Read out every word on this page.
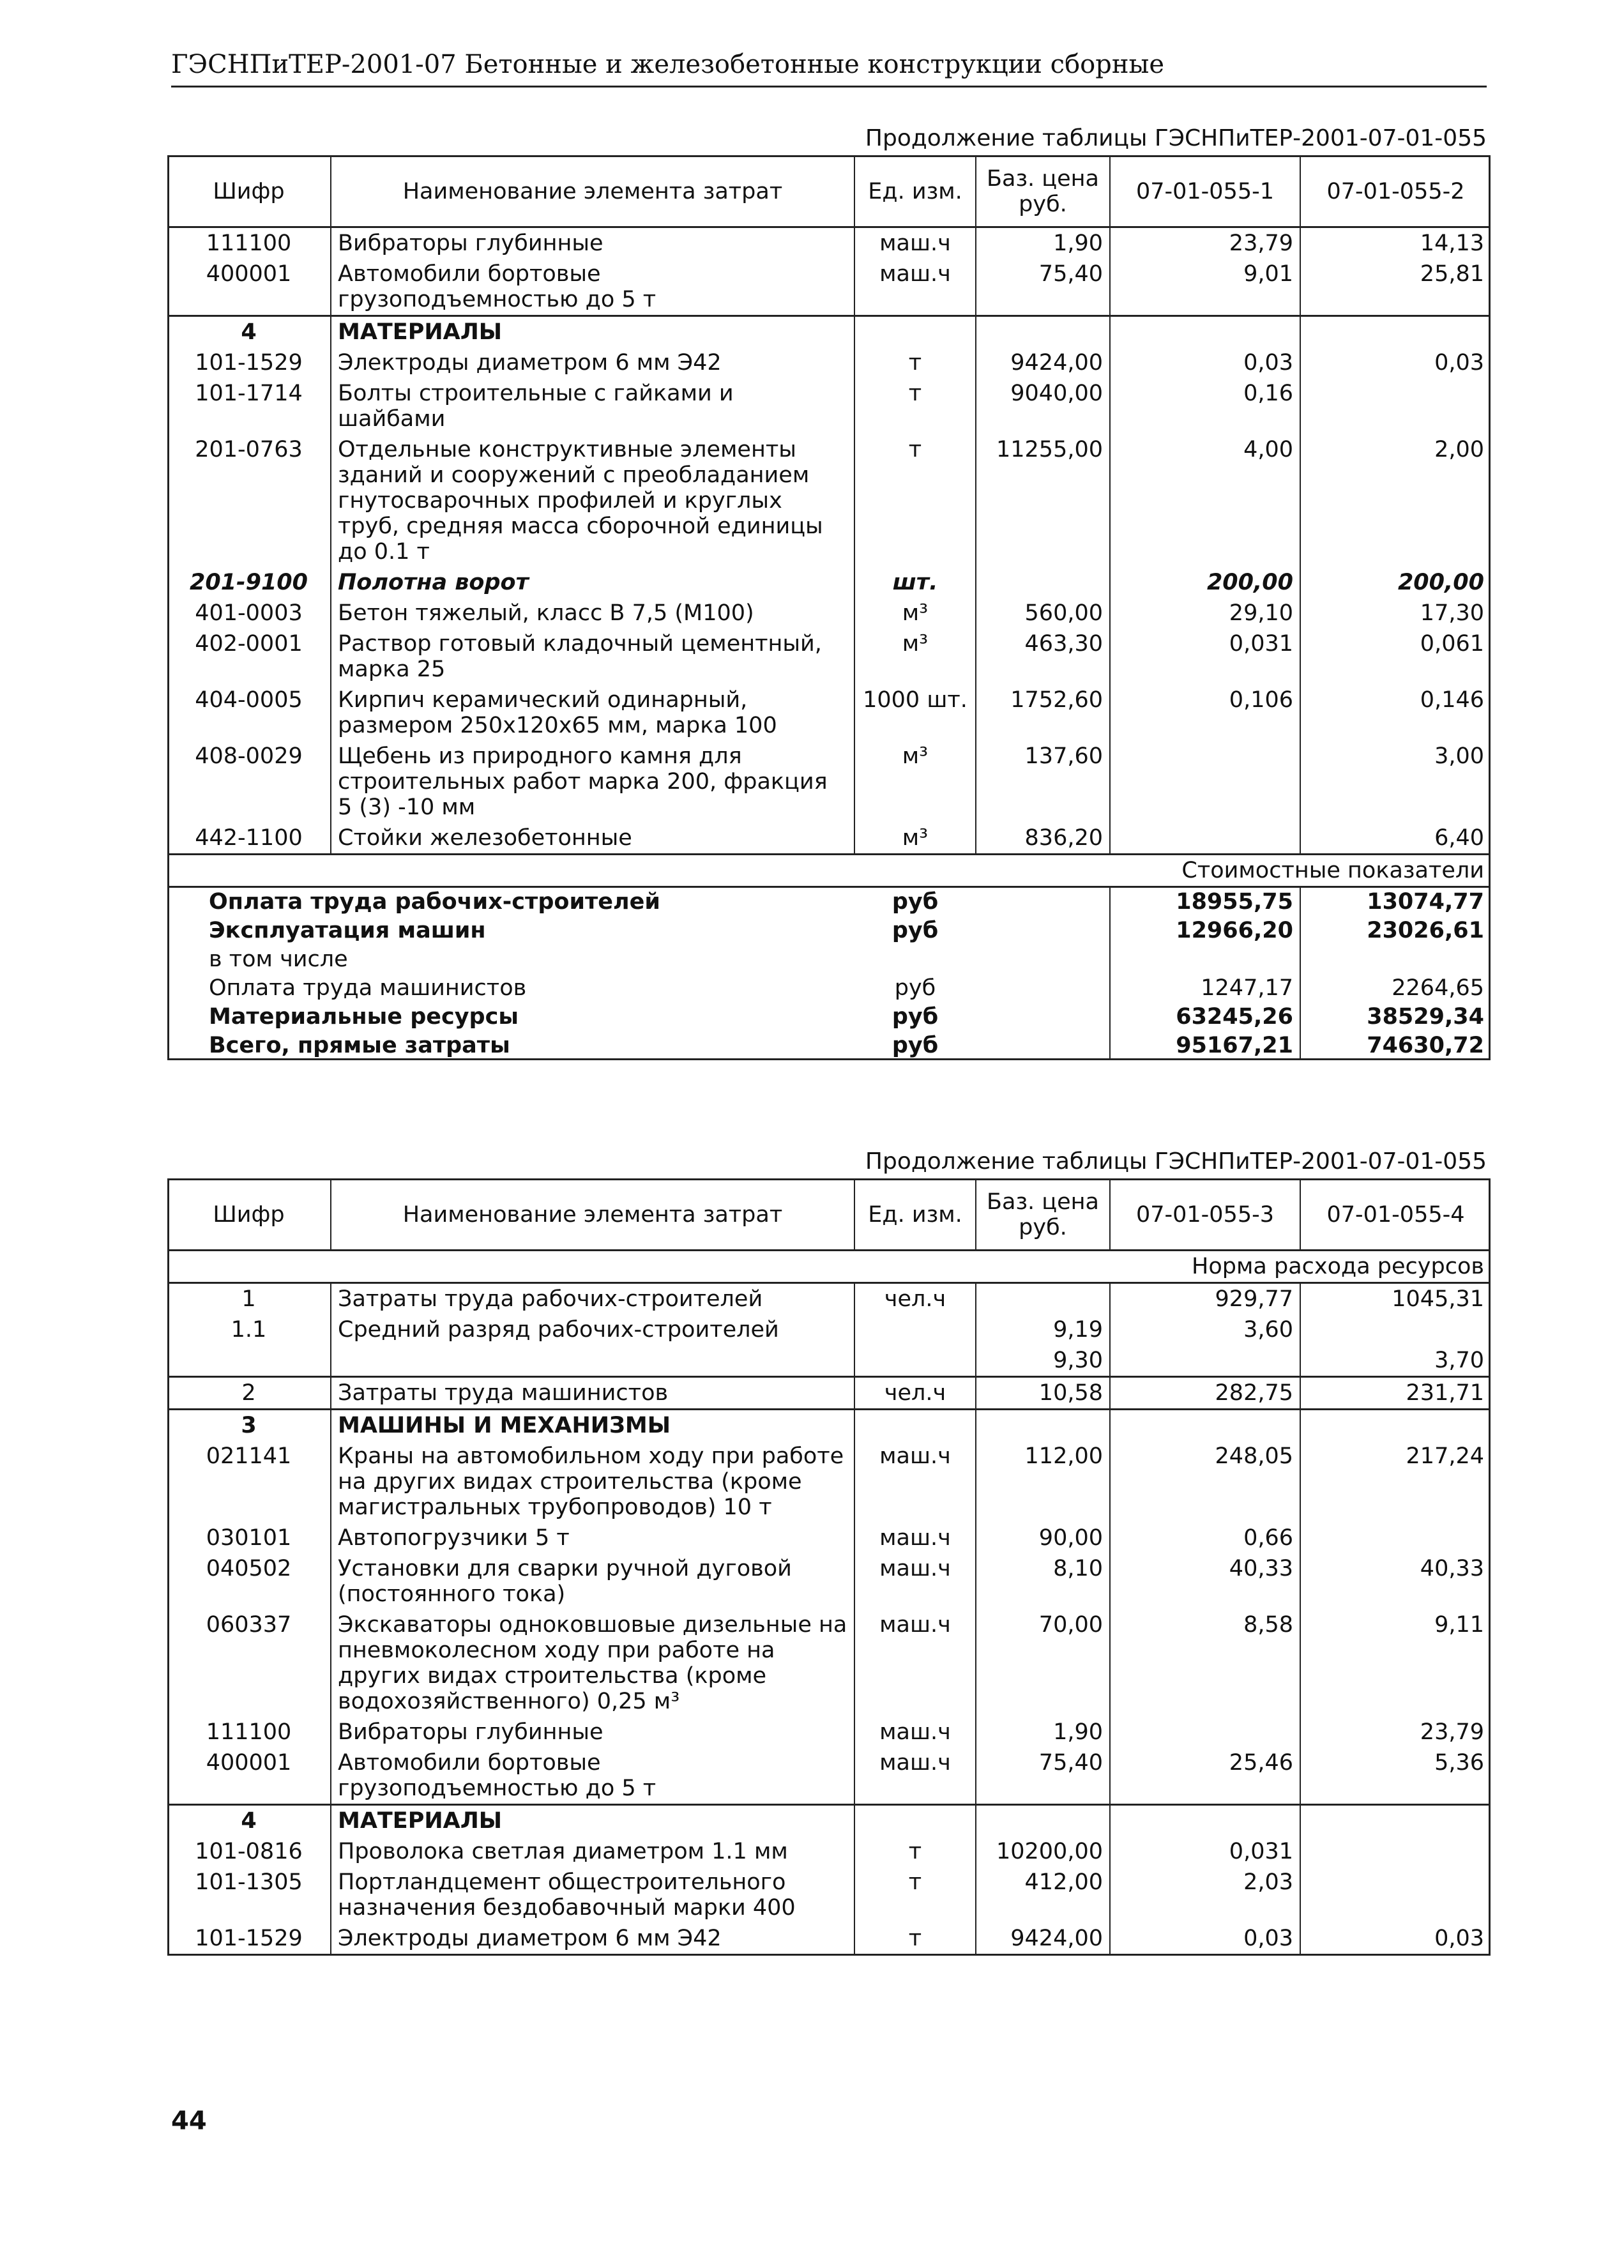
ГЭСНПиТЕР-2001-07 Бетонные и железобетонные конструкции сборные
Продолжение таблицы ГЭСНПиТЕР-2001-07-01-055
Шифр	Наименование элемента затрат	Ед. изм.	Баз. цена руб.	07-01-055-1	07-01-055-2
111100	Вибраторы глубинные	маш.ч	1,90	23,79	14,13
400001	Автомобили бортовые грузоподъемностью до 5 т	маш.ч	75,40	9,01	25,81
4	МАТЕРИАЛЫ				
101-1529	Электроды диаметром 6 мм Э42	т	9424,00	0,03	0,03
101-1714	Болты строительные с гайками и шайбами	т	9040,00	0,16	
201-0763	Отдельные конструктивные элементы зданий и сооружений с преобладанием гнутосварочных профилей и круглых труб, средняя масса сборочной единицы до 0.1 т	т	11255,00	4,00	2,00
201-9100	Полотна ворот	шт.		200,00	200,00
401-0003	Бетон тяжелый, класс В 7,5 (М100)	м³	560,00	29,10	17,30
402-0001	Раствор готовый кладочный цементный, марка 25	м³	463,30	0,031	0,061
404-0005	Кирпич керамический одинарный, размером 250х120х65 мм, марка 100	1000 шт.	1752,60	0,106	0,146
408-0029	Щебень из природного камня для строительных работ марка 200, фракция 5 (3) -10 мм	м³	137,60		3,00
442-1100	Стойки железобетонные	м³	836,20		6,40
Стоимостные показатели					
Оплата труда рабочих-строителей		руб		18955,75	13074,77
Эксплуатация машин		руб		12966,20	23026,61
в том числе					
Оплата труда машинистов		руб		1247,17	2264,65
Материальные ресурсы		руб		63245,26	38529,34
Всего, прямые затраты		руб		95167,21	74630,72
Продолжение таблицы ГЭСНПиТЕР-2001-07-01-055
Шифр	Наименование элемента затрат	Ед. изм.	Баз. цена руб.	07-01-055-3	07-01-055-4
Норма расхода ресурсов					
1	Затраты труда рабочих-строителей	чел.ч		929,77	1045,31
1.1	Средний разряд рабочих-строителей		9,19	3,60	
			9,30		3,70
2	Затраты труда машинистов	чел.ч	10,58	282,75	231,71
3	МАШИНЫ И МЕХАНИЗМЫ				
021141	Краны на автомобильном ходу при работе на других видах строительства (кроме магистральных трубопроводов) 10 т	маш.ч	112,00	248,05	217,24
030101	Автопогрузчики 5 т	маш.ч	90,00	0,66	
040502	Установки для сварки ручной дуговой (постоянного тока)	маш.ч	8,10	40,33	40,33
060337	Экскаваторы одноковшовые дизельные на пневмоколесном ходу при работе на других видах строительства (кроме водохозяйственного) 0,25 м³	маш.ч	70,00	8,58	9,11
111100	Вибраторы глубинные	маш.ч	1,90		23,79
400001	Автомобили бортовые грузоподъемностью до 5 т	маш.ч	75,40	25,46	5,36
4	МАТЕРИАЛЫ				
101-0816	Проволока светлая диаметром 1.1 мм	т	10200,00	0,031	
101-1305	Портландцемент общестроительного назначения бездобавочный марки 400	т	412,00	2,03	
101-1529	Электроды диаметром 6 мм Э42	т	9424,00	0,03	0,03
44
